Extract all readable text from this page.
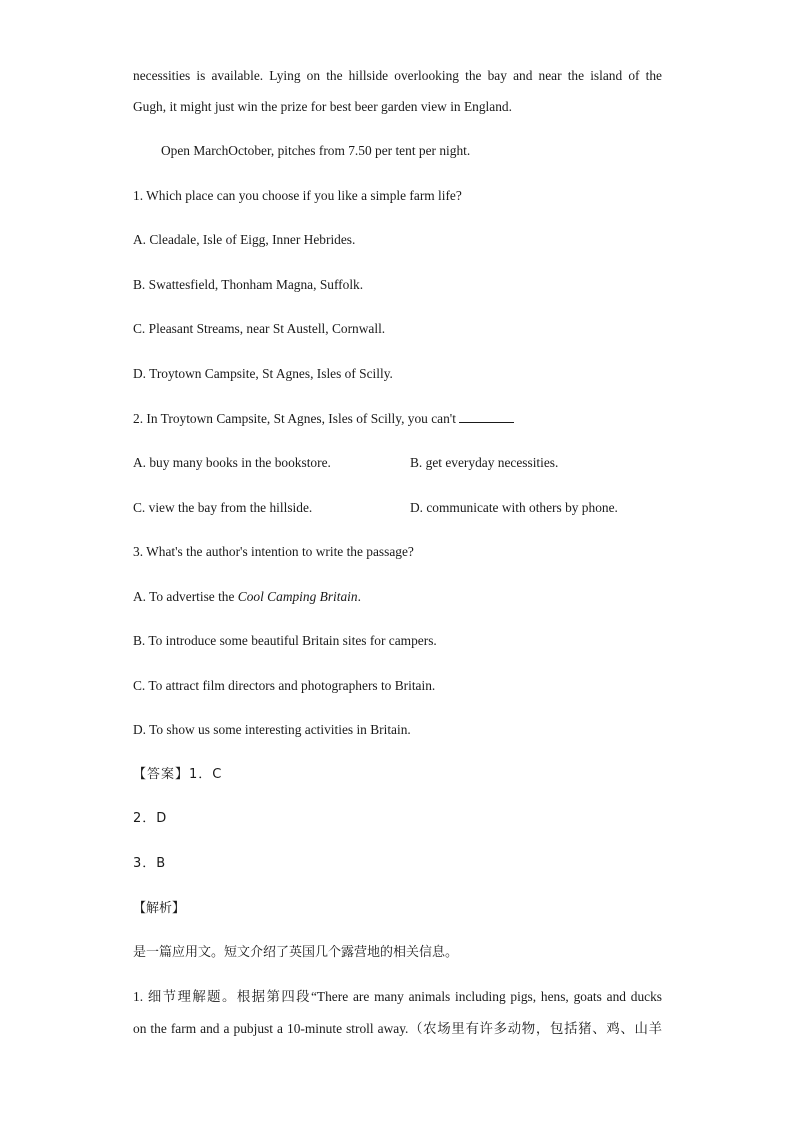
necessities is available. Lying on the hillside overlooking the bay and near the island of the
Gugh, it might just win the prize for best beer garden view in England.
Open MarchOctober, pitches from 7.50 per tent per night.
1. Which place can you choose if you like a simple farm life?
A. Cleadale, Isle of Eigg, Inner Hebrides.
B. Swattesfield, Thonham Magna, Suffolk.
C. Pleasant Streams, near St Austell, Cornwall.
D. Troytown Campsite, St Agnes, Isles of Scilly.
2. In Troytown Campsite, St Agnes, Isles of Scilly, you can't
A. buy many books in the bookstore.	B. get everyday necessities.
C. view the bay from the hillside.	D. communicate with others by phone.
3. What's the author's intention to write the passage?
A. To advertise the Cool Camping Britain.
B. To introduce some beautiful Britain sites for campers.
C. To attract film directors and photographers to Britain.
D. To show us some interesting activities in Britain.
【答案】1．C
2．D
3．B
【解析】
是一篇应用文。短文介绍了英国几个露营地的相关信息。
1. 细节理解题。根据第四段“There are many animals including pigs, hens, goats and ducks
on the farm and a pubjust a 10-minute stroll away.（农场里有许多动物，包括猪、鸡、山羊
